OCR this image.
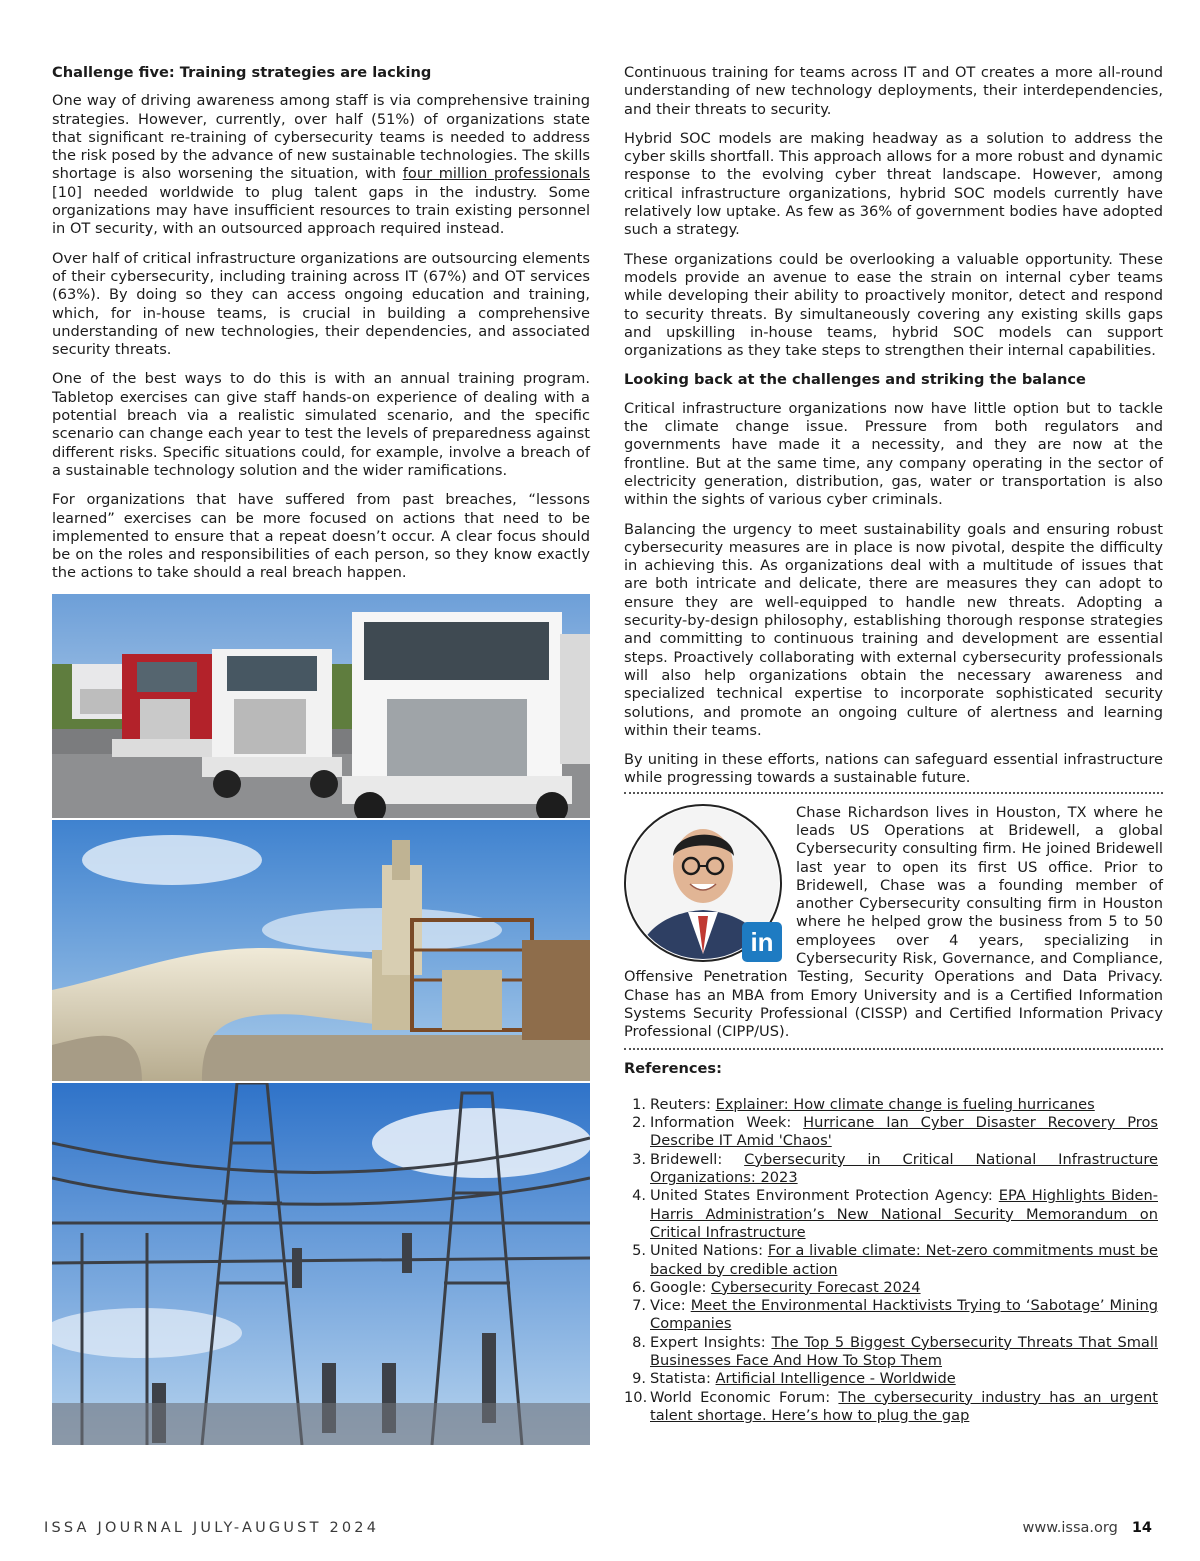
Challenge five: Training strategies are lacking

One way of driving awareness among staff is via comprehensive training strategies. However, currently, over half (51%) of organizations state that significant re-training of cybersecurity teams is needed to address the risk posed by the advance of new sustainable technologies. The skills shortage is also worsening the situation, with four million professionals [10] needed worldwide to plug talent gaps in the industry. Some organizations may have insufficient resources to train existing personnel in OT security, with an outsourced approach required instead.

Over half of critical infrastructure organizations are outsourcing elements of their cybersecurity, including training across IT (67%) and OT services (63%). By doing so they can access ongoing education and training, which, for in-house teams, is crucial in building a comprehensive understanding of new technologies, their dependencies, and associated security threats.

One of the best ways to do this is with an annual training program. Tabletop exercises can give staff hands-on experience of dealing with a potential breach via a realistic simulated scenario, and the specific scenario can change each year to test the levels of preparedness against different risks. Specific situations could, for example, involve a breach of a sustainable technology solution and the wider ramifications.

For organizations that have suffered from past breaches, “lessons learned” exercises can be more focused on actions that need to be implemented to ensure that a repeat doesn’t occur. A clear focus should be on the roles and responsibilities of each person, so they know exactly the actions to take should a real breach happen.

Continuous training for teams across IT and OT creates a more all-round understanding of new technology deployments, their interdependencies, and their threats to security.

Hybrid SOC models are making headway as a solution to address the cyber skills shortfall. This approach allows for a more robust and dynamic response to the evolving cyber threat landscape. However, among critical infrastructure organizations, hybrid SOC models currently have relatively low uptake. As few as 36% of government bodies have adopted such a strategy.

These organizations could be overlooking a valuable opportunity. These models provide an avenue to ease the strain on internal cyber teams while developing their ability to proactively monitor, detect and respond to security threats. By simultaneously covering any existing skills gaps and upskilling in-house teams, hybrid SOC models can support organizations as they take steps to strengthen their internal capabilities.

Looking back at the challenges and striking the balance

Critical infrastructure organizations now have little option but to tackle the climate change issue. Pressure from both regulators and governments have made it a necessity, and they are now at the frontline. But at the same time, any company operating in the sector of electricity generation, distribution, gas, water or transportation is also within the sights of various cyber criminals.

Balancing the urgency to meet sustainability goals and ensuring robust cybersecurity measures are in place is now pivotal, despite the difficulty in achieving this. As organizations deal with a multitude of issues that are both intricate and delicate, there are measures they can adopt to ensure they are well-equipped to handle new threats. Adopting a security-by-design philosophy, establishing thorough response strategies and committing to continuous training and development are essential steps. Proactively collaborating with external cybersecurity professionals will also help organizations obtain the necessary awareness and specialized technical expertise to incorporate sophisticated security solutions, and promote an ongoing culture of alertness and learning within their teams.

By uniting in these efforts, nations can safeguard essential infrastructure while progressing towards a sustainable future.

in

Chase Richardson lives in Houston, TX where he leads US Operations at Bridewell, a global Cybersecurity consulting firm. He joined Bridewell last year to open its first US office. Prior to Bridewell, Chase was a founding member of another Cybersecurity consulting firm in Houston where he helped grow the business from 5 to 50 employees over 4 years, specializing in Cybersecurity Risk, Governance, and Compliance, Offensive Penetration Testing, Security Operations and Data Privacy. Chase has an MBA from Emory University and is a Certified Information Systems Security Professional (CISSP) and Certified Information Privacy Professional (CIPP/US).

References:
1. Reuters: Explainer: How climate change is fueling hurricanes
2. Information Week: Hurricane Ian Cyber Disaster Recovery Pros Describe IT Amid 'Chaos'
3. Bridewell: Cybersecurity in Critical National Infrastructure Organizations: 2023
4. United States Environment Protection Agency: EPA Highlights Biden-Harris Administration’s New National Security Memorandum on Critical Infrastructure
5. United Nations: For a livable climate: Net-zero commitments must be backed by credible action
6. Google: Cybersecurity Forecast 2024
7. Vice: Meet the Environmental Hacktivists Trying to ‘Sabotage’ Mining Companies
8. Expert Insights: The Top 5 Biggest Cybersecurity Threats That Small Businesses Face And How To Stop Them
9. Statista: Artificial Intelligence - Worldwide
10. World Economic Forum: The cybersecurity industry has an urgent talent shortage. Here’s how to plug the gap
ISSA JOURNAL JULY-AUGUST 2024	www.issa.org 14
